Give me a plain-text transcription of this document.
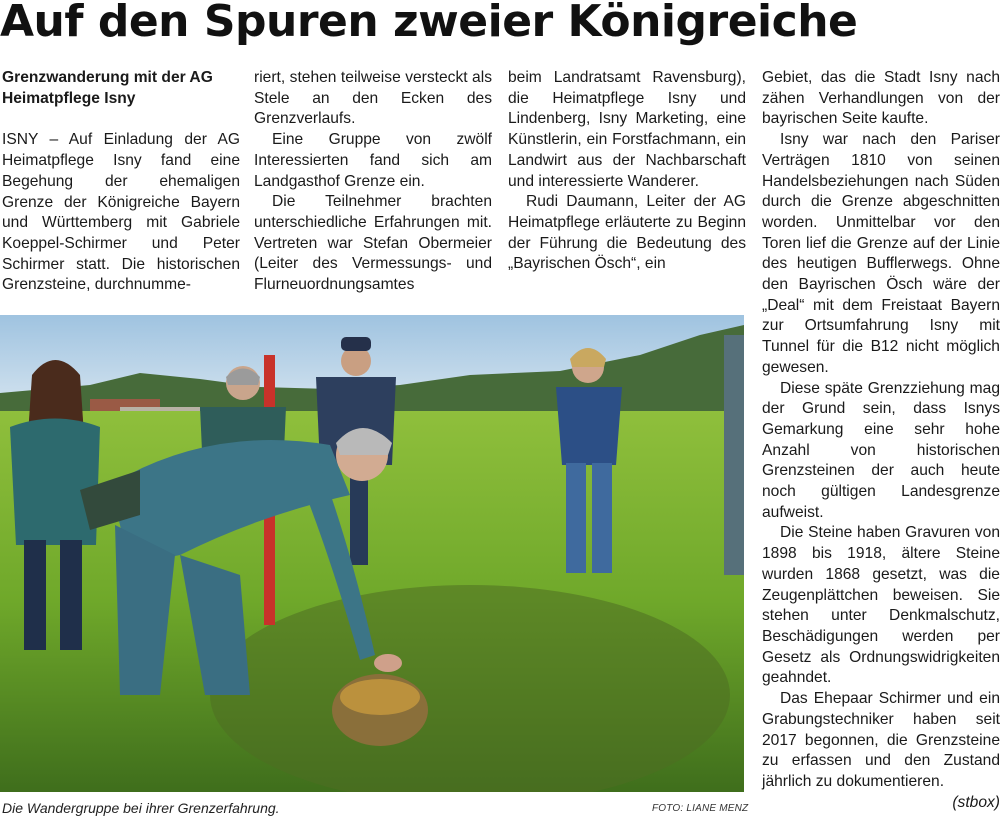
Auf den Spuren zweier Königreiche

Grenzwanderung mit der AG Heimatpflege Isny

ISNY – Auf Einladung der AG Heimatpflege Isny fand eine Begehung der ehemaligen Grenze der Königreiche Bayern und Württemberg mit Gabriele Koeppel-Schirmer und Peter Schirmer statt. Die historischen Grenzsteine, durchnumme-

riert, stehen teilweise versteckt als Stele an den Ecken des Grenzverlaufs.

Eine Gruppe von zwölf Interessierten fand sich am Landgasthof Grenze ein.

Die Teilnehmer brachten unterschiedliche Erfahrungen mit. Vertreten war Stefan Obermeier (Leiter des Vermessungs- und Flurneuordnungsamtes

beim Landratsamt Ravensburg), die Heimatpflege Isny und Lindenberg, Isny Marketing, eine Künstlerin, ein Forstfachmann, ein Landwirt aus der Nachbarschaft und interessierte Wanderer.

Rudi Daumann, Leiter der AG Heimatpflege erläuterte zu Beginn der Führung die Bedeutung des „Bayrischen Ösch“, ein

Gebiet, das die Stadt Isny nach zähen Verhandlungen von der bayrischen Seite kaufte.

Isny war nach den Pariser Verträgen 1810 von seinen Handelsbeziehungen nach Süden durch die Grenze abgeschnitten worden. Unmittelbar vor den Toren lief die Grenze auf der Linie des heutigen Bufflerwegs. Ohne den Bayrischen Ösch wäre der „Deal“ mit dem Freistaat Bayern zur Ortsumfahrung Isny mit Tunnel für die B12 nicht möglich gewesen.

Diese späte Grenzziehung mag der Grund sein, dass Isnys Gemarkung eine sehr hohe Anzahl von historischen Grenzsteinen der auch heute noch gültigen Landesgrenze aufweist.

Die Steine haben Gravuren von 1898 bis 1918, ältere Steine wurden 1868 gesetzt, was die Zeugenplättchen beweisen. Sie stehen unter Denkmalschutz, Beschädigungen werden per Gesetz als Ordnungswidrigkeiten geahndet.

Das Ehepaar Schirmer und ein Grabungstechniker haben seit 2017 begonnen, die Grenzsteine zu erfassen und den Zustand jährlich zu dokumentieren.
(stbox)

Die Wandergruppe bei ihrer Grenzerfahrung.	FOTO: LIANE MENZ
